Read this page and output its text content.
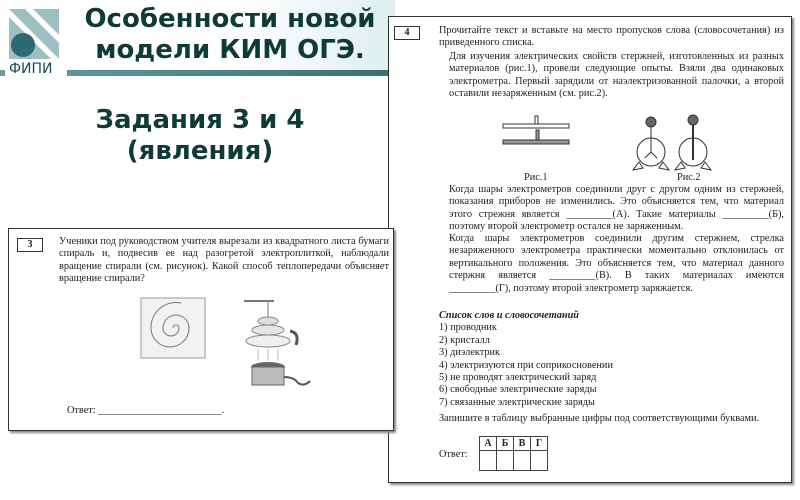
ФИПИ
Особенности новой модели КИМ ОГЭ.
Задания 3 и 4
(явления)
4	Прочитайте текст и вставьте на место пропусков слова (словосочетания) из приведенного списка.
Для изучения электрических свойств стержней, изготовленных из разных материалов (рис.1), провели следующие опыты. Взяли два одинаковых электрометра. Первый зарядили от наэлектризованной палочки, а второй оставили незаряженным (см. рис.2).
Рис.1	Рис.2
Когда шары электрометров соединили друг с другом одним из стержней, показания приборов не изменились. Это объясняется тем, что материал этого стрежня является _________(А). Такие материалы _________(Б), поэтому второй электрометр остался не заряженным.
Когда шары электрометров соединили другим стержнем, стрелка незаряженного электрометра практически моментально отклонилась от вертикального положения. Это объясняется тем, что материал данного стержня является _________(В). В таких материалах имеются _________(Г), поэтому второй электрометр заряжается.
Список слов и словосочетаний
1) проводник
2) кристалл
3) диэлектрик
4) электризуются при соприкосновении
5) не проводят электрический заряд
6) свободные электрические заряды
7) связанные электрические заряды
Запишите в таблицу выбранные цифры под соответствующими буквами.
Ответ:
А	Б	В	Г

3	Ученики под руководством учителя вырезали из квадратного листа бумаги спираль и, подвесив ее над разогретой электроплиткой, наблюдали вращение спирали (см. рисунок). Какой способ теплопередачи объясняет вращение спирали?
Ответ: ________________________.
